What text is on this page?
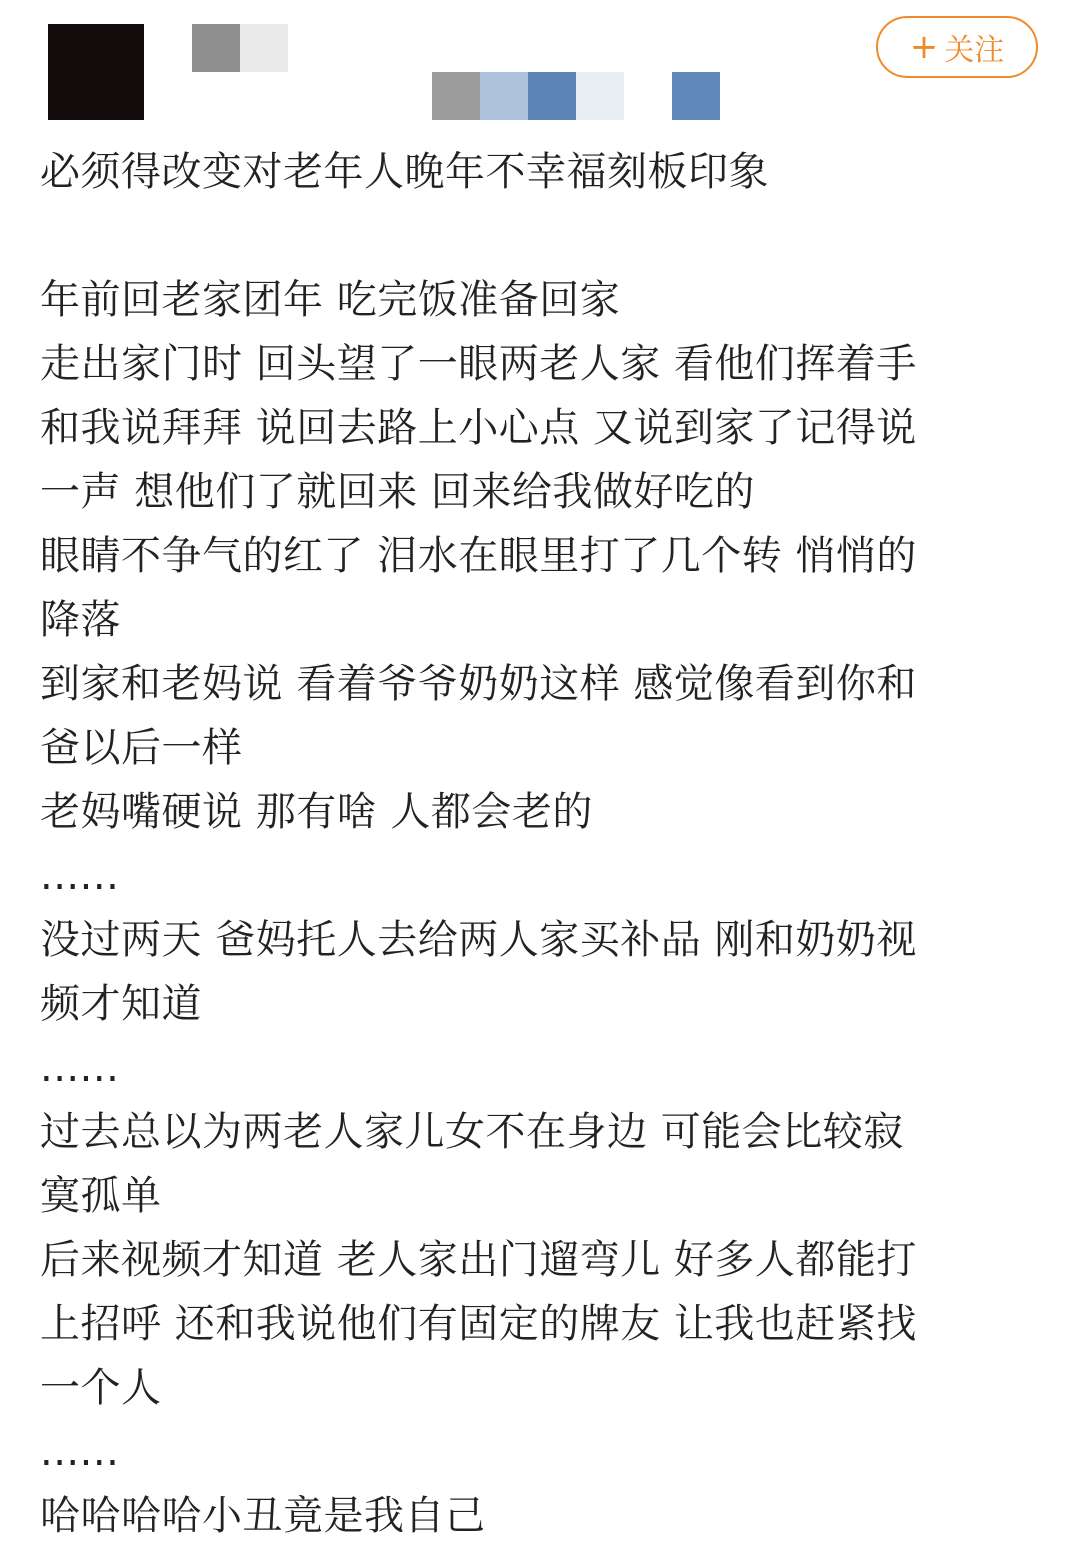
+ 关注
必须得改变对老年人晚年不幸福刻板印象
年前回老家团年 吃完饭准备回家
走出家门时 回头望了一眼两老人家 看他们挥着手
和我说拜拜 说回去路上小心点 又说到家了记得说
一声 想他们了就回来 回来给我做好吃的
眼睛不争气的红了 泪水在眼里打了几个转 悄悄的
降落
到家和老妈说 看着爷爷奶奶这样 感觉像看到你和
爸以后一样
老妈嘴硬说 那有啥 人都会老的
......
没过两天 爸妈托人去给两人家买补品 刚和奶奶视
频才知道
......
过去总以为两老人家儿女不在身边 可能会比较寂
寞孤单
后来视频才知道 老人家出门遛弯儿 好多人都能打
上招呼 还和我说他们有固定的牌友 让我也赶紧找
一个人
......
哈哈哈哈小丑竟是我自己
